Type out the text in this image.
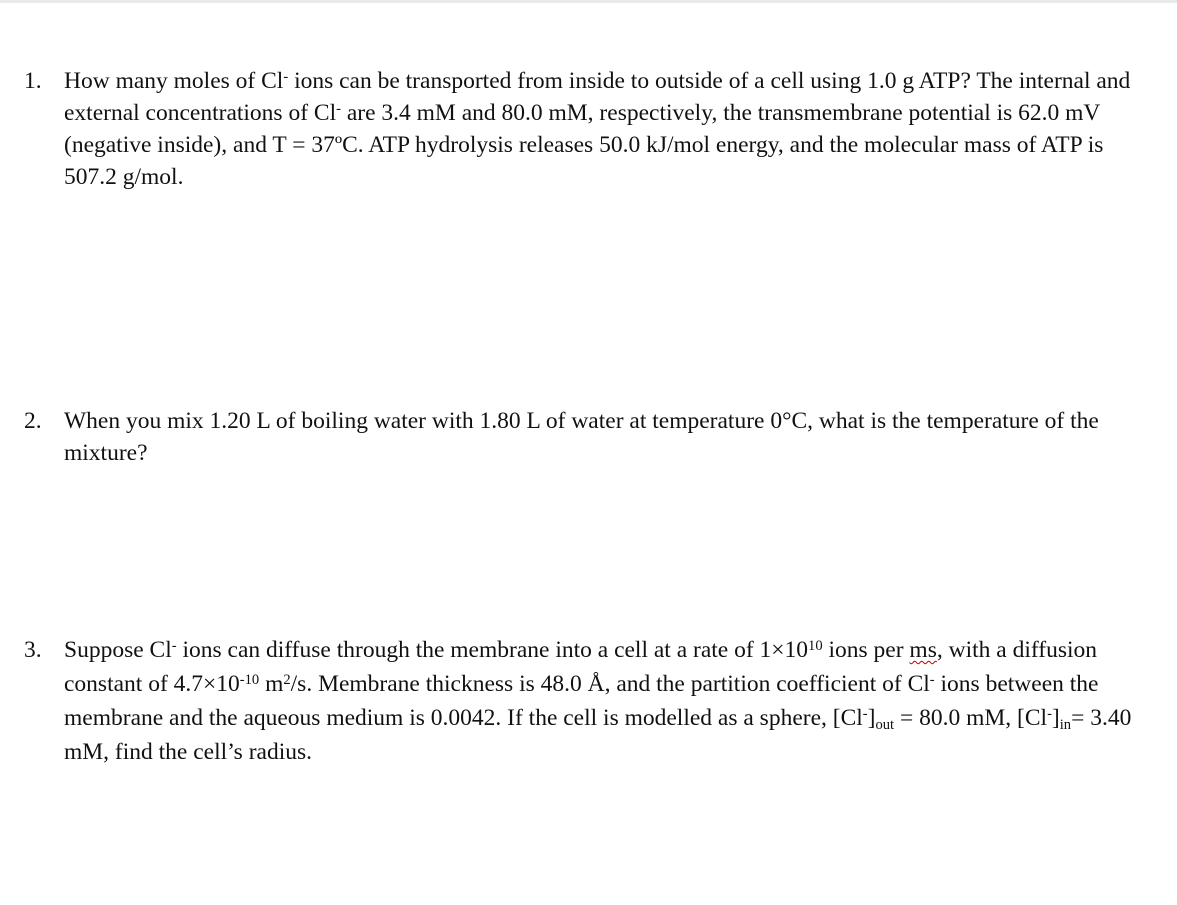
1. How many moles of Cl- ions can be transported from inside to outside of a cell using 1.0 g ATP? The internal and external concentrations of Cl- are 3.4 mM and 80.0 mM, respectively, the transmembrane potential is 62.0 mV (negative inside), and T = 37ºC. ATP hydrolysis releases 50.0 kJ/mol energy, and the molecular mass of ATP is 507.2 g/mol.
2. When you mix 1.20 L of boiling water with 1.80 L of water at temperature 0°C, what is the temperature of the mixture?
3. Suppose Cl- ions can diffuse through the membrane into a cell at a rate of $1\times 10^{10}$ ions per ms, with a diffusion constant of $4.7\times 10^{-10}$ $m^2/s$. Membrane thickness is 48.0 Å, and the partition coefficient of Cl- ions between the membrane and the aqueous medium is 0.0042. If the cell is modelled as a sphere, $[Cl^-]_{out} = 80.0$ mM, $[Cl^-]_{in}= 3.40$ mM, find the cell’s radius.
